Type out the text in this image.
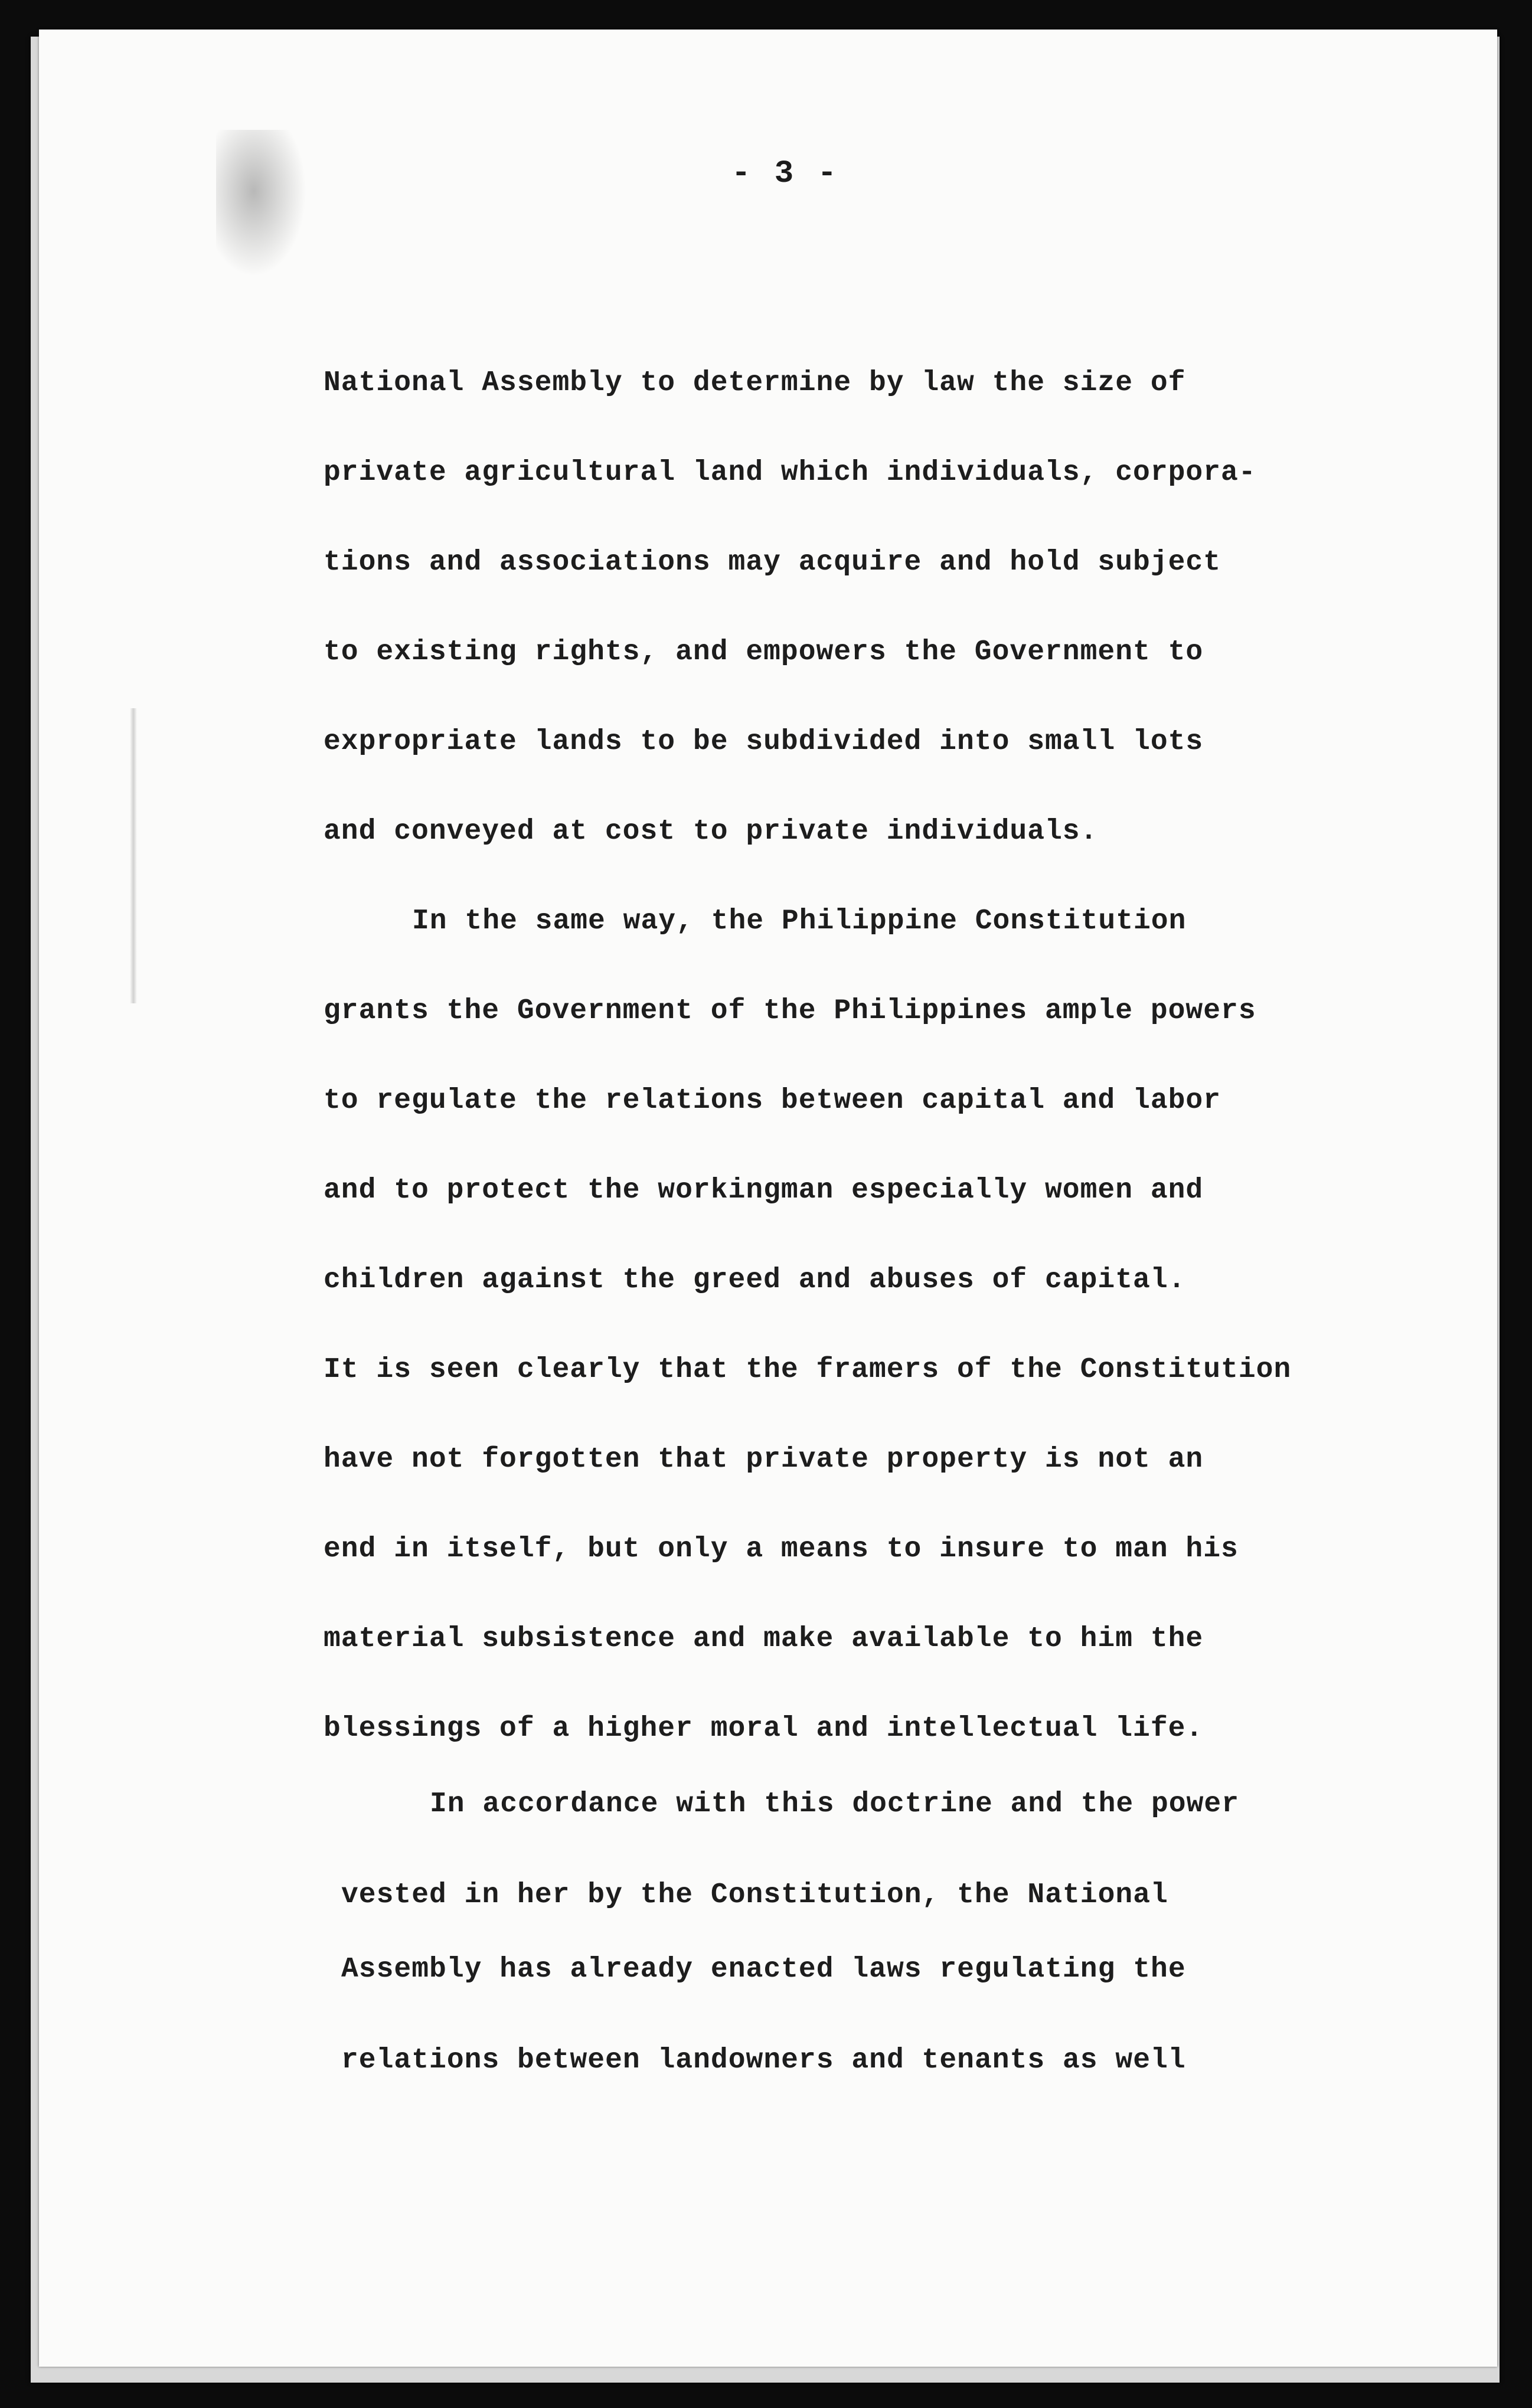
- 3 -
National Assembly to determine by law the size of
private agricultural land which individuals, corpora-
tions and associations may acquire and hold subject
to existing rights, and empowers the Government to
expropriate lands to be subdivided into small lots
and conveyed at cost to private individuals.
In the same way, the Philippine Constitution
grants the Government of the Philippines ample powers
to regulate the relations between capital and labor
and to protect the workingman especially women and
children against the greed and abuses of capital.
It is seen clearly that the framers of the Constitution
have not forgotten that private property is not an
end in itself, but only a means to insure to man his
material subsistence and make available to him the
blessings of a higher moral and intellectual life.
In accordance with this doctrine and the power
vested in her by the Constitution, the National
Assembly has already enacted laws regulating the
relations between landowners and tenants as well
